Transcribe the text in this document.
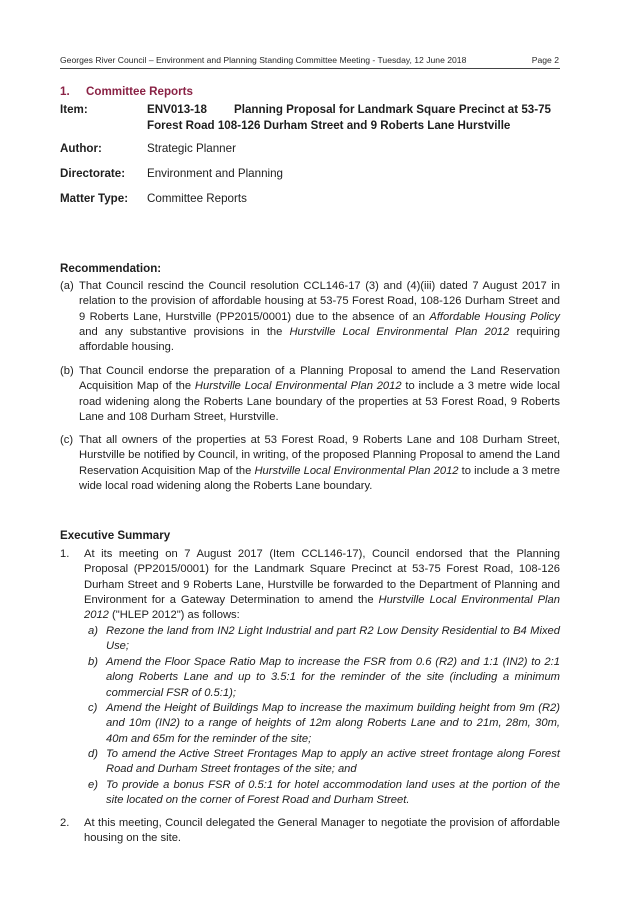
Georges River Council – Environment and Planning Standing Committee Meeting - Tuesday, 12 June 2018	Page 2
1. Committee Reports
Item:	ENV013-18 Planning Proposal for Landmark Square Precinct at 53-75
Forest Road 108-126 Durham Street and 9 Roberts Lane Hurstville
Author:	Strategic Planner
Directorate: Environment and Planning
Matter Type: Committee Reports
Recommendation:
(a) That Council rescind the Council resolution CCL146-17 (3) and (4)(iii) dated 7 August 2017 in relation to the provision of affordable housing at 53-75 Forest Road, 108-126 Durham Street and 9 Roberts Lane, Hurstville (PP2015/0001) due to the absence of an Affordable Housing Policy and any substantive provisions in the Hurstville Local Environmental Plan 2012 requiring affordable housing.
(b) That Council endorse the preparation of a Planning Proposal to amend the Land Reservation Acquisition Map of the Hurstville Local Environmental Plan 2012 to include a 3 metre wide local road widening along the Roberts Lane boundary of the properties at 53 Forest Road, 9 Roberts Lane and 108 Durham Street, Hurstville.
(c) That all owners of the properties at 53 Forest Road, 9 Roberts Lane and 108 Durham Street, Hurstville be notified by Council, in writing, of the proposed Planning Proposal to amend the Land Reservation Acquisition Map of the Hurstville Local Environmental Plan 2012 to include a 3 metre wide local road widening along the Roberts Lane boundary.
Executive Summary
1. At its meeting on 7 August 2017 (Item CCL146-17), Council endorsed that the Planning Proposal (PP2015/0001) for the Landmark Square Precinct at 53-75 Forest Road, 108-126 Durham Street and 9 Roberts Lane, Hurstville be forwarded to the Department of Planning and Environment for a Gateway Determination to amend the Hurstville Local Environmental Plan 2012 ("HLEP 2012") as follows:
a) Rezone the land from IN2 Light Industrial and part R2 Low Density Residential to B4 Mixed Use;
b) Amend the Floor Space Ratio Map to increase the FSR from 0.6 (R2) and 1:1 (IN2) to 2:1 along Roberts Lane and up to 3.5:1 for the reminder of the site (including a minimum commercial FSR of 0.5:1);
c) Amend the Height of Buildings Map to increase the maximum building height from 9m (R2) and 10m (IN2) to a range of heights of 12m along Roberts Lane and to 21m, 28m, 30m, 40m and 65m for the reminder of the site;
d) To amend the Active Street Frontages Map to apply an active street frontage along Forest Road and Durham Street frontages of the site; and
e) To provide a bonus FSR of 0.5:1 for hotel accommodation land uses at the portion of the site located on the corner of Forest Road and Durham Street.
2. At this meeting, Council delegated the General Manager to negotiate the provision of affordable housing on the site.
